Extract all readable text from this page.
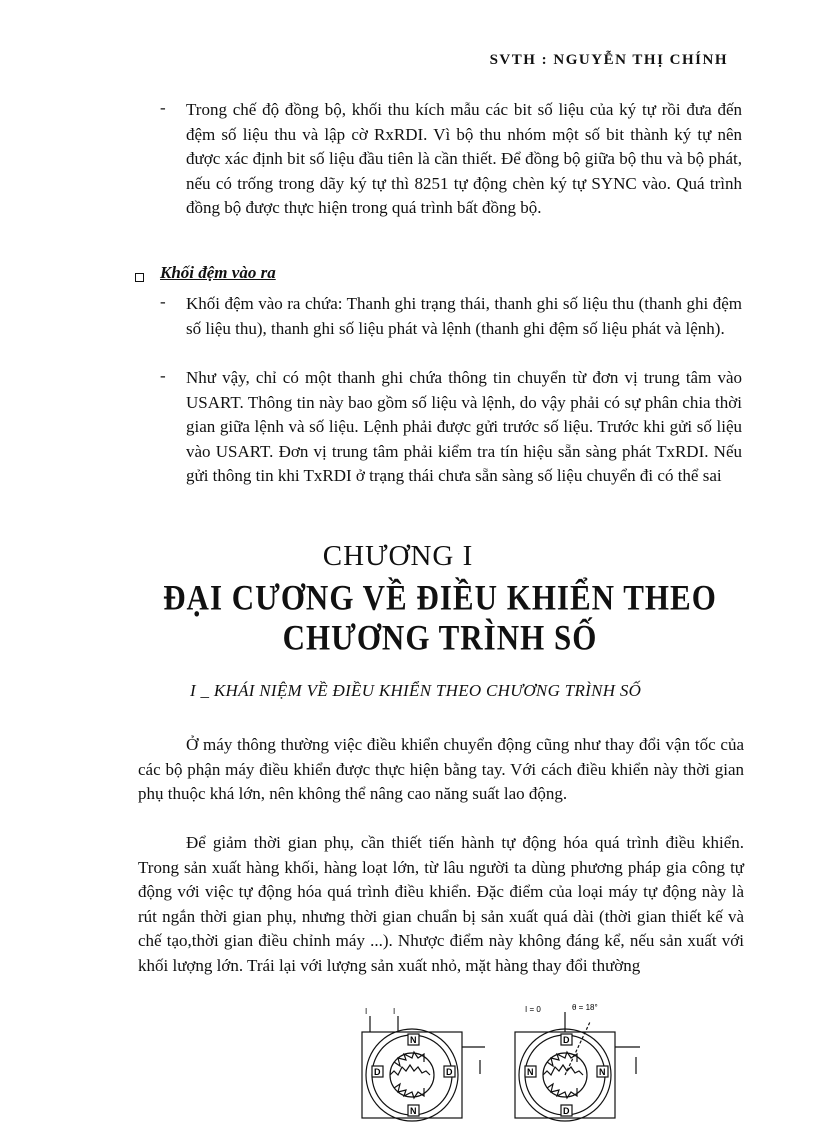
SVTH : NGUYỄN THỊ CHÍNH
- Trong chế độ đồng bộ, khối thu kích mẫu các bit số liệu của ký tự rồi đưa đến đệm số liệu thu và lập cờ RxRDI. Vì bộ thu nhóm một số bit thành ký tự nên được xác định bit số liệu đầu tiên là cần thiết. Để đồng bộ giữa bộ thu và bộ phát, nếu có trống trong dãy ký tự thì 8251 tự động chèn ký tự SYNC vào. Quá trình đồng bộ được thực hiện trong quá trình bất đồng bộ.
Khối đệm vào ra
- Khối đệm vào ra chứa: Thanh ghi trạng thái, thanh ghi số liệu thu (thanh ghi đệm số liệu thu), thanh ghi số liệu phát và lệnh (thanh ghi đệm số liệu phát và lệnh).
- Như vậy, chỉ có một thanh ghi chứa thông tin chuyển từ đơn vị trung tâm vào USART. Thông tin này bao gồm số liệu và lệnh, do vậy phải có sự phân chia thời gian giữa lệnh và số liệu. Lệnh phải được gửi trước số liệu. Trước khi gửi số liệu vào USART. Đơn vị trung tâm phải kiểm tra tín hiệu sẵn sàng phát TxRDI. Nếu gửi thông tin khi TxRDI ở trạng thái chưa sẵn sàng số liệu chuyển đi có thể sai
CHƯƠNG I
ĐẠI CƯƠNG VỀ ĐIỀU KHIỂN THEO
CHƯƠNG TRÌNH SỐ
I _ KHÁI NIỆM VỀ ĐIỀU KHIỂN THEO CHƯƠNG TRÌNH SỐ
Ở máy thông thường việc điều khiển chuyển động cũng như thay đổi vận tốc của các bộ phận máy điều khiển được thực hiện bằng tay. Với cách điều khiển này thời gian phụ thuộc khá lớn, nên không thể nâng cao năng suất lao động.
Để giảm thời gian phụ, cần thiết tiến hành tự động hóa quá trình điều khiển. Trong sản xuất hàng khối, hàng loạt lớn, từ lâu người ta dùng phương pháp gia công tự động với việc tự động hóa quá trình điều khiển. Đặc điểm của loại máy tự động này là rút ngắn thời gian phụ, nhưng thời gian chuẩn bị sản xuất quá dài (thời gian thiết kế và chế tạo,thời gian điều chỉnh máy ...). Nhược điểm này không đáng kể, nếu sản xuất với khối lượng lớn. Trái lại với lượng sản xuất nhỏ, mặt hàng thay đổi thường
I	I
N
N
D	D
I = 0	θ = 18°
D
D
N	N
